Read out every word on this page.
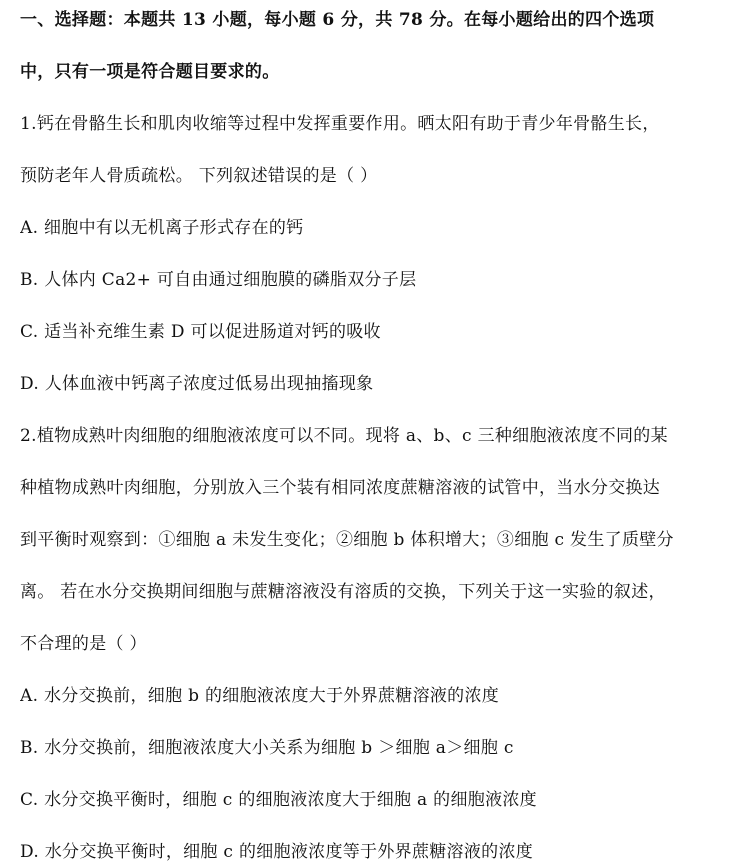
一、选择题：本题共 13 小题，每小题 6 分，共 78 分。在每小题给出的四个选项
中，只有一项是符合题目要求的。
1.钙在骨骼生长和肌肉收缩等过程中发挥重要作用。晒太阳有助于青少年骨骼生长，
预防老年人骨质疏松。 下列叙述错误的是（ ）
A. 细胞中有以无机离子形式存在的钙
B. 人体内 Ca2+ 可自由通过细胞膜的磷脂双分子层
C. 适当补充维生素 D 可以促进肠道对钙的吸收
D. 人体血液中钙离子浓度过低易出现抽搐现象
2.植物成熟叶肉细胞的细胞液浓度可以不同。现将 a、b、c 三种细胞液浓度不同的某
种植物成熟叶肉细胞，分别放入三个装有相同浓度蔗糖溶液的试管中，当水分交换达
到平衡时观察到：①细胞 a 未发生变化；②细胞 b 体积增大；③细胞 c 发生了质壁分
离。 若在水分交换期间细胞与蔗糖溶液没有溶质的交换，下列关于这一实验的叙述，
不合理的是（ ）
A. 水分交换前，细胞 b 的细胞液浓度大于外界蔗糖溶液的浓度
B. 水分交换前，细胞液浓度大小关系为细胞 b ＞细胞 a＞细胞 c
C. 水分交换平衡时，细胞 c 的细胞液浓度大于细胞 a 的细胞液浓度
D. 水分交换平衡时，细胞 c 的细胞液浓度等于外界蔗糖溶液的浓度
